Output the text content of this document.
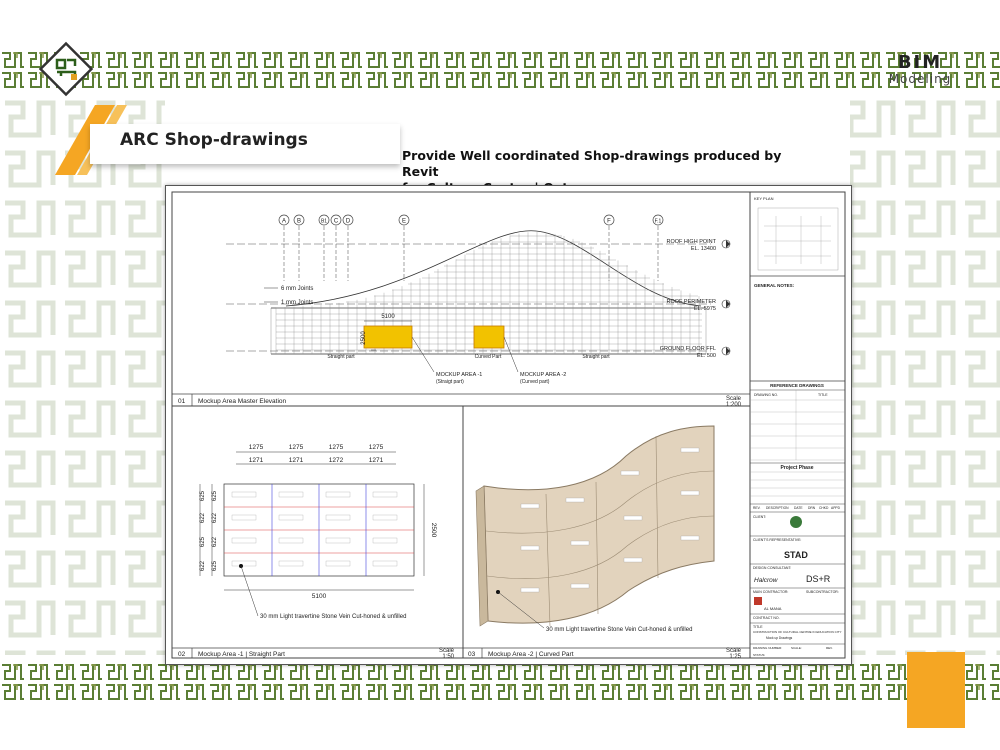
BIM
Modeling
ARC Shop-drawings
Provide Well coordinated Shop-drawings produced by Revit
A B	B1 C D	E	F	F.1
5100
2500
6 mm Joints
1 mm Joints
Straight part	Curved Part	Straight part
MOCKUP AREA -1
(Straigt part)
MOCKUP AREA -2
(Curved part)
ROOF HIGH POINT
EL. 13400
ROOF PERIMETER
EL. 5975
GROUND FLOOR FFL
EL. 500
01 Mockup Area Master Elevation	Scale
1:200
1275	1275	1275	1275
1271	1271	1272	1271
625 625
622 622
625 622
622 625
2500
5100
30 mm Light travertine Stone Vein Cut-honed & unfilled
02 Mockup Area -1 | Straight Part	Scale
1:50
30 mm Light travertine Stone Vein Cut-honed & unfilled
03 Mockup Area -2 | Curved Part	Scale
1:25
KEY PLAN
GENERAL NOTES:
REFERENCE DRAWINGS
DRAWING NO.	TITLE
Project Phase
REV. DESCRIPTION DATE DRN CHKD APPD
CLIENT:
CLIENT'S REPRESENTATIVE:
STAD
DESIGN CONSULTANT:
Halcrow	DS+R
MAIN CONTRACTOR:	SUBCONTRACTOR:
AL MANA
CONTRACT NO.
TITLE
CONSTRUCTION OF CULTURAL CENTRE IN EDUCATION CITY
Mock up Drawings
DRAWING NUMBER:	SCALE:	REV.
STATUS:
